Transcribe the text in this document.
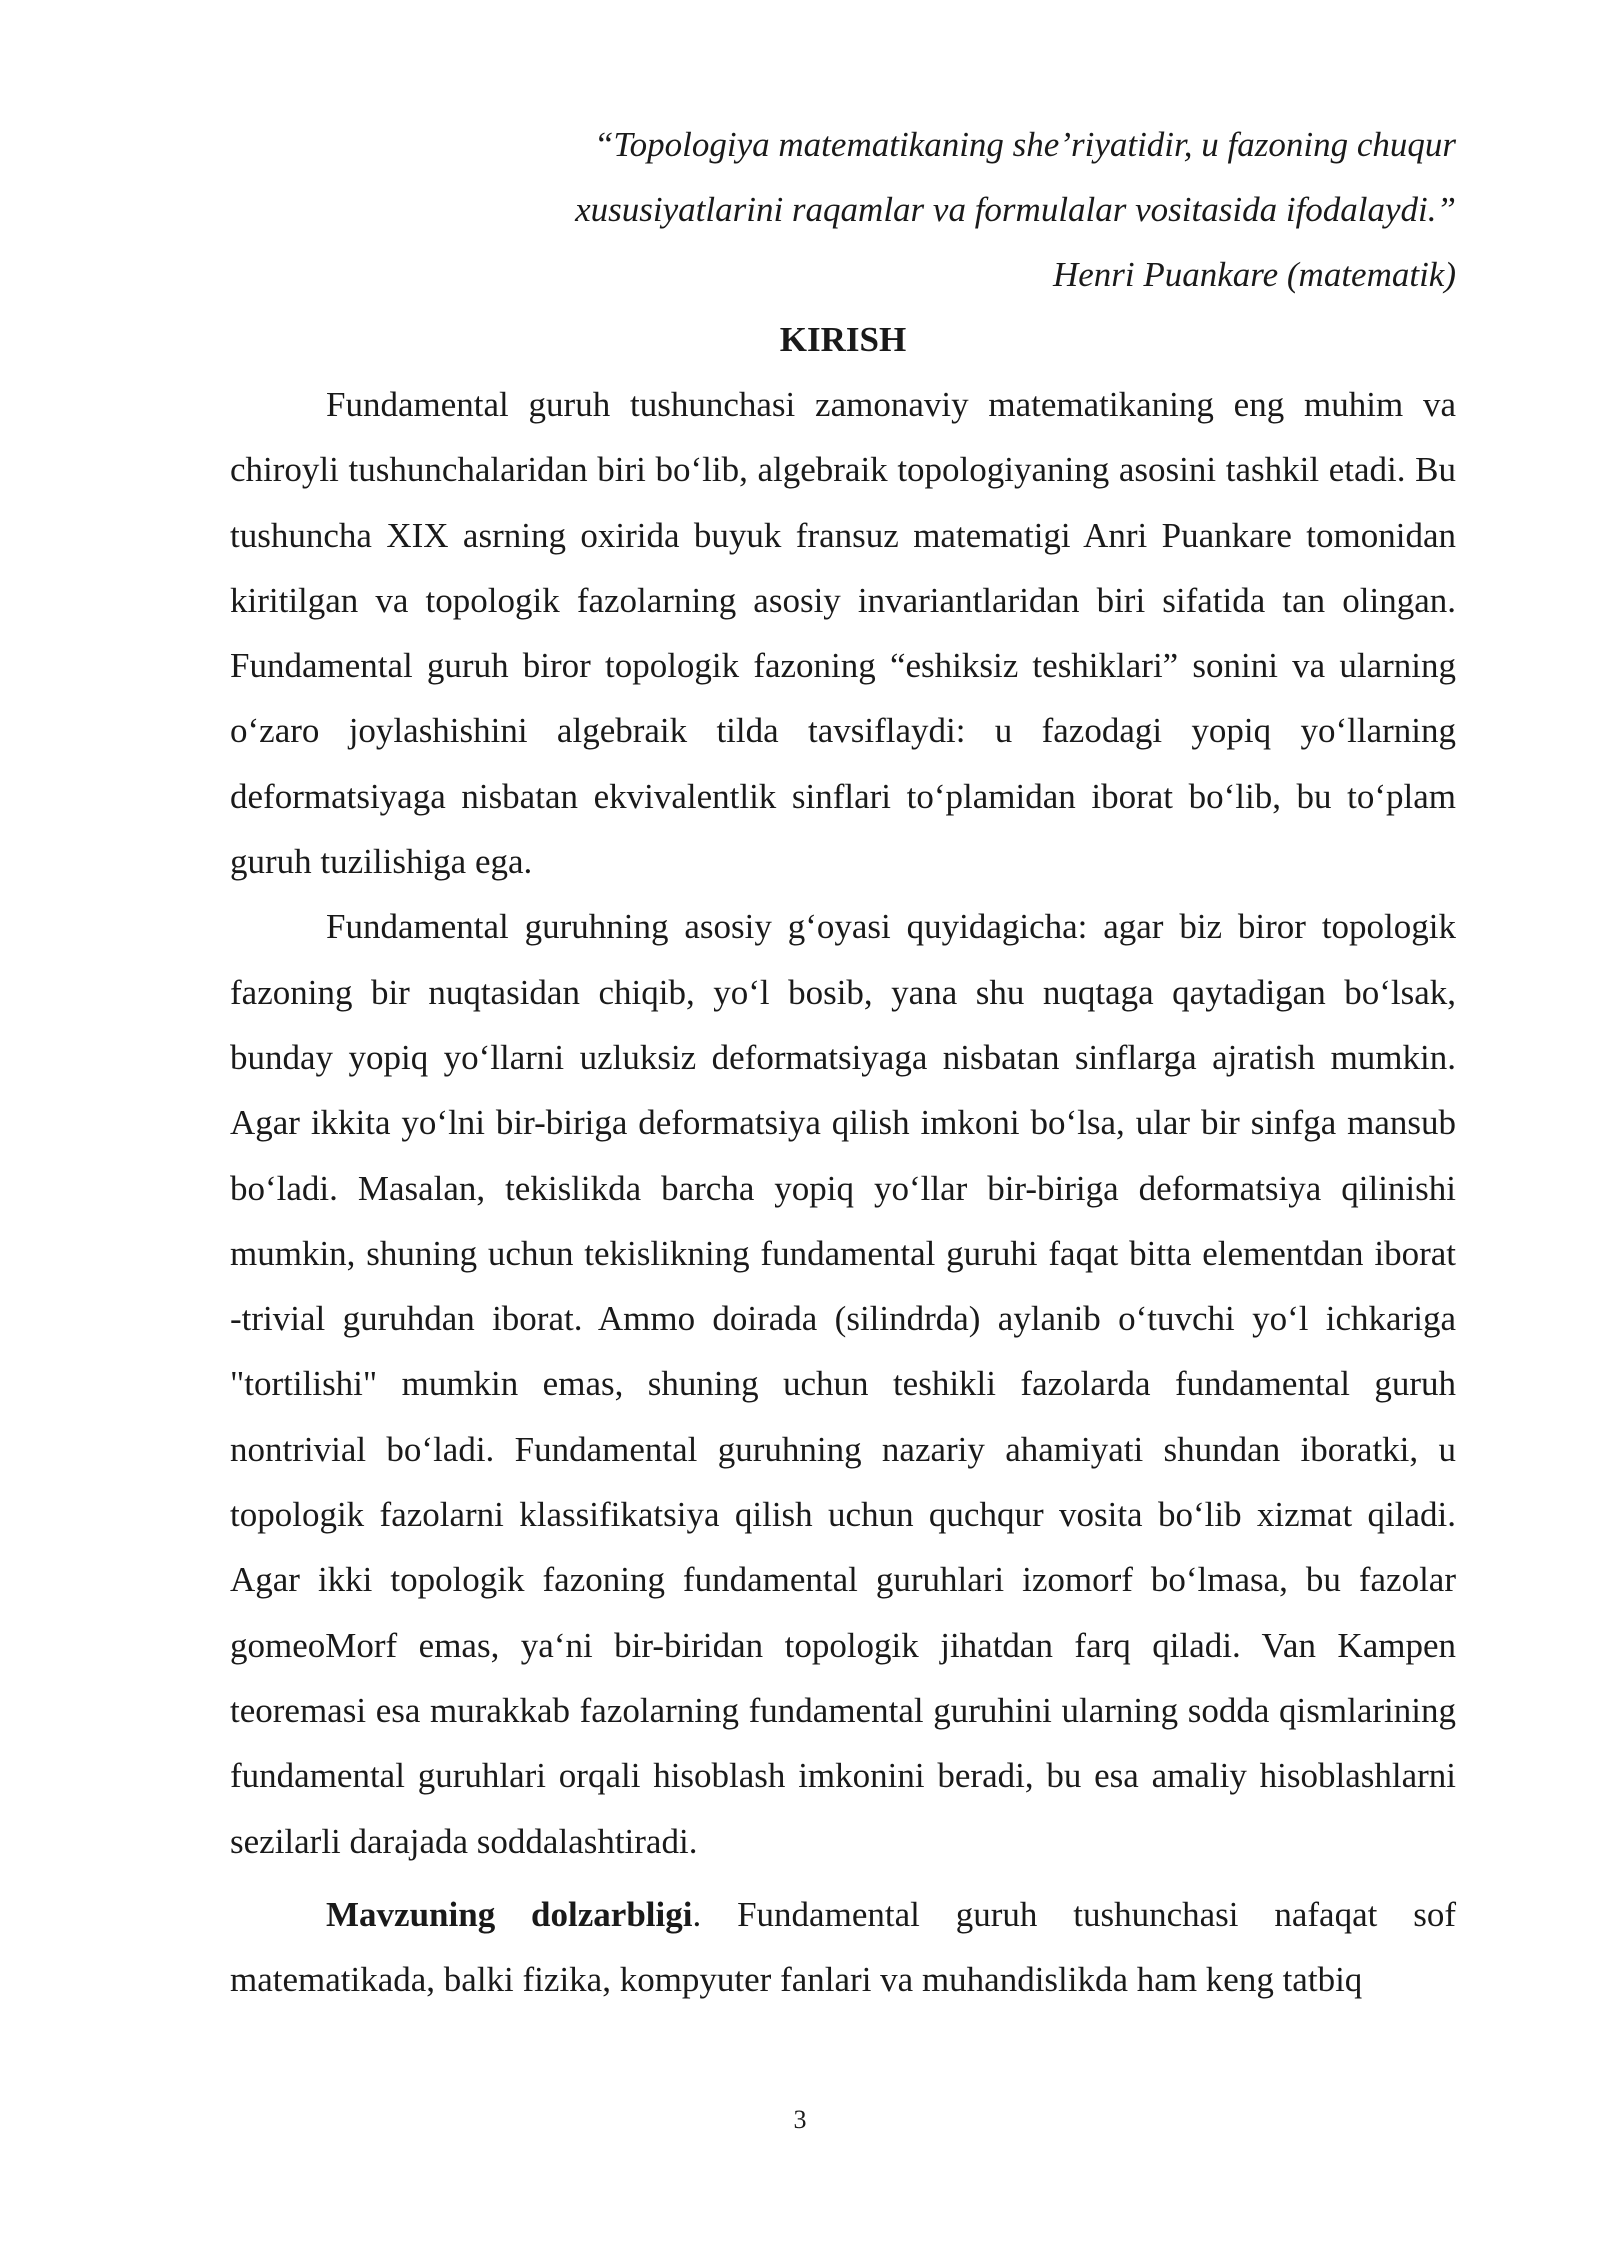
“Topologiya matematikaning she’riyatidir, u fazoning chuqur
xususiyatlarini raqamlar va formulalar vositasida ifodalaydi.”
Henri Puankare (matematik)
KIRISH

Fundamental guruh tushunchasi zamonaviy matematikaning eng muhim va chiroyli tushunchalaridan biri bo‘lib, algebraik topologiyaning asosini tashkil etadi. Bu tushuncha XIX asrning oxirida buyuk fransuz matematigi Anri Puankare tomonidan kiritilgan va topologik fazolarning asosiy invariantlaridan biri sifatida tan olingan. Fundamental guruh biror topologik fazoning “eshiksiz teshiklari” sonini va ularning o‘zaro joylashishini algebraik tilda tavsiflaydi: u fazodagi yopiq yo‘llarning deformatsiyaga nisbatan ekvivalentlik sinflari to‘plamidan iborat bo‘lib, bu to‘plam guruh tuzilishiga ega.

Fundamental guruhning asosiy g‘oyasi quyidagicha: agar biz biror topologik fazoning bir nuqtasidan chiqib, yo‘l bosib, yana shu nuqtaga qaytadigan bo‘lsak, bunday yopiq yo‘llarni uzluksiz deformatsiyaga nisbatan sinflarga ajratish mumkin. Agar ikkita yo‘lni bir-biriga deformatsiya qilish imkoni bo‘lsa, ular bir sinfga mansub bo‘ladi. Masalan, tekislikda barcha yopiq yo‘llar bir-biriga deformatsiya qilinishi mumkin, shuning uchun tekislikning fundamental guruhi faqat bitta elementdan iborat -trivial guruhdan iborat. Ammo doirada (silindrda) aylanib o‘tuvchi yo‘l ichkariga "tortilishi" mumkin emas, shuning uchun teshikli fazolarda fundamental guruh nontrivial bo‘ladi. Fundamental guruhning nazariy ahamiyati shundan iboratki, u topologik fazolarni klassifikatsiya qilish uchun quchqur vosita bo‘lib xizmat qiladi. Agar ikki topologik fazoning fundamental guruhlari izomorf bo‘lmasa, bu fazolar gomeoMorf emas, ya‘ni bir-biridan topologik jihatdan farq qiladi. Van Kampen teoremasi esa murakkab fazolarning fundamental guruhini ularning sodda qismlarining fundamental guruhlari orqali hisoblash imkonini beradi, bu esa amaliy hisoblashlarni sezilarli darajada soddalashtiradi.

Mavzuning dolzarbligi. Fundamental guruh tushunchasi nafaqat sof matematikada, balki fizika, kompyuter fanlari va muhandislikda ham keng tatbiq

3
